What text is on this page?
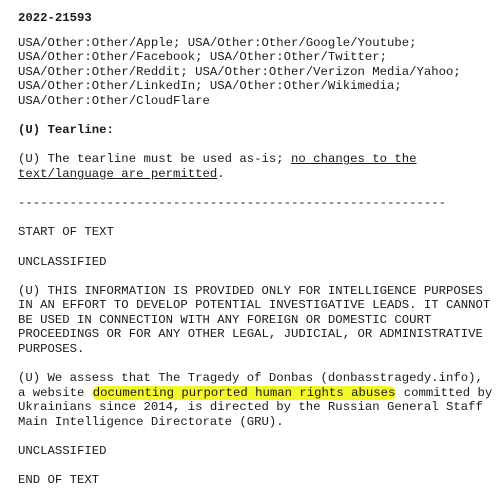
2022-21593
USA/Other:Other/Apple; USA/Other:Other/Google/Youtube;
USA/Other:Other/Facebook; USA/Other:Other/Twitter;
USA/Other:Other/Reddit; USA/Other:Other/Verizon Media/Yahoo;
USA/Other:Other/LinkedIn; USA/Other:Other/Wikimedia;
USA/Other:Other/CloudFlare
(U) Tearline:
(U) The tearline must be used as-is; no changes to the
text/language are permitted.
----------------------------------------------------------
START OF TEXT
UNCLASSIFIED
(U) THIS INFORMATION IS PROVIDED ONLY FOR INTELLIGENCE PURPOSES
IN AN EFFORT TO DEVELOP POTENTIAL INVESTIGATIVE LEADS. IT CANNOT
BE USED IN CONNECTION WITH ANY FOREIGN OR DOMESTIC COURT
PROCEEDINGS OR FOR ANY OTHER LEGAL, JUDICIAL, OR ADMINISTRATIVE
PURPOSES.
(U) We assess that The Tragedy of Donbas (donbasstragedy.info),
a website documenting purported human rights abuses committed by
Ukrainians since 2014, is directed by the Russian General Staff
Main Intelligence Directorate (GRU).
UNCLASSIFIED
END OF TEXT
